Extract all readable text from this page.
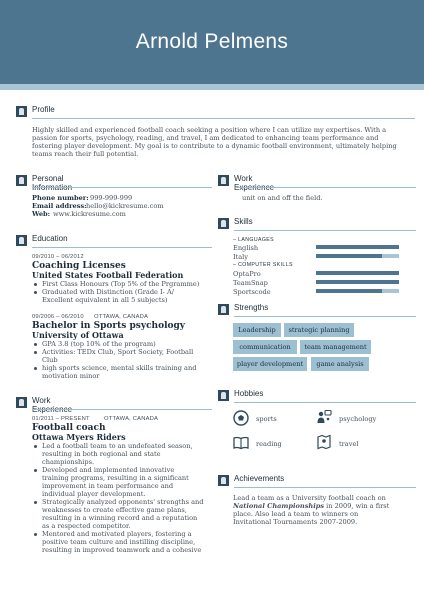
Arnold Pelmens
Profile
Highly skilled and experienced football coach seeking a position where I can utilize my expertises. With a
passion for sports, psychology, reading, and travel, I am dedicated to enhancing team performance and
fostering player development. My goal is to contribute to a dynamic football environment, ultimately helping
teams reach their full potential.
Personal
Phone number: 999-999-999
Email address: hello@kickresume.com
Web: www.kickresume.com
Education
09/2010 – 06/2012
Coaching Licenses
United States Football Federation
First Class Honours (Top 5% of the Prgramme)
Graduated with Distinction (Grade I- A/
Excellent equivalent in all 5 subjects)
09/2006 – 06/2010 OTTAWA, CANADA
Bachelor in Sports psychology
University of Ottawa
GPA 3.8 (top 10% of the program)
Activities: TEDx Club, Sport Society, Football
Club
high sports science, mental skills training and
motivation minor
Work
01/2011 – PRESENT OTTAWA, CANADA
Football coach
Ottawa Myers Riders
Led a football team to an undefeated season,
resulting in both regional and state
championships.
Developed and implemented innovative
training programs, resulting in a significant
improvement in team performance and
individual player development.
Strategically analyzed opponents' strengths and
weaknesses to create effective game plans,
resulting in a winning record and a reputation
as a respected competitor.
Mentored and motivated players, fostering a
positive team culture and instilling discipline,
resulting in improved teamwork and a cohesive
Work
unit on and off the field.
Skills
– LANGUAGES
English
Italy
– COMPUTER SKILLS
OptaPro
TeamSnap
Sportscode
Strengths
Leadership	strategic planning
communication	team management
player development	game analysis
Hobbies
sports	psychology
reading	travel
Achievements
Lead a team as a University football coach on
National Championships in 2009, win a first
place. Also lead a team to winners on
Invitational Tournaments 2007-2009.
